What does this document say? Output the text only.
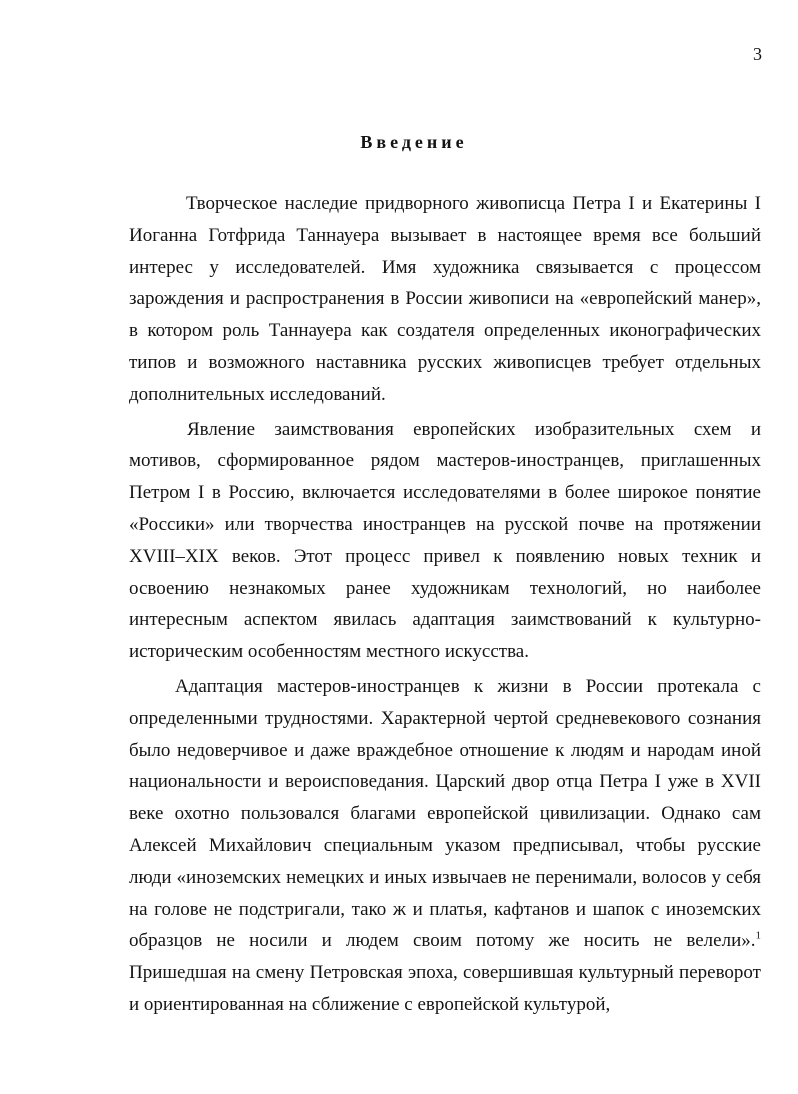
3
Введение

Творческое наследие придворного живописца Петра I и Екатерины I Иоганна Готфрида Таннауера вызывает в настоящее время все больший интерес у исследователей. Имя художника связывается с процессом зарождения и распространения в России живописи на «европейский манер», в котором роль Таннауера как создателя определенных иконографических типов и возможного наставника русских живописцев требует отдельных дополнительных исследований.

Явление заимствования европейских изобразительных схем и мотивов, сформированное рядом мастеров-иностранцев, приглашенных Петром I в Россию, включается исследователями в более широкое понятие «Россики» или творчества иностранцев на русской почве на протяжении XVIII–XIX веков. Этот процесс привел к появлению новых техник и освоению незнакомых ранее художникам технологий, но наиболее интересным аспектом явилась адаптация заимствований к культурно-историческим особенностям местного искусства.

Адаптация мастеров-иностранцев к жизни в России протекала с определенными трудностями. Характерной чертой средневекового сознания было недоверчивое и даже враждебное отношение к людям и народам иной национальности и вероисповедания. Царский двор отца Петра I уже в XVII веке охотно пользовался благами европейской цивилизации. Однако сам Алексей Михайлович специальным указом предписывал, чтобы русские люди «иноземских немецких и иных извычаев не перенимали, волосов у себя на голове не подстригали, тако ж и платья, кафтанов и шапок с иноземских образцов не носили и людем своим потому же носить не велели».$^1$ Пришедшая на смену Петровская эпоха, совершившая культурный переворот и ориентированная на сближение с европейской культурой,
